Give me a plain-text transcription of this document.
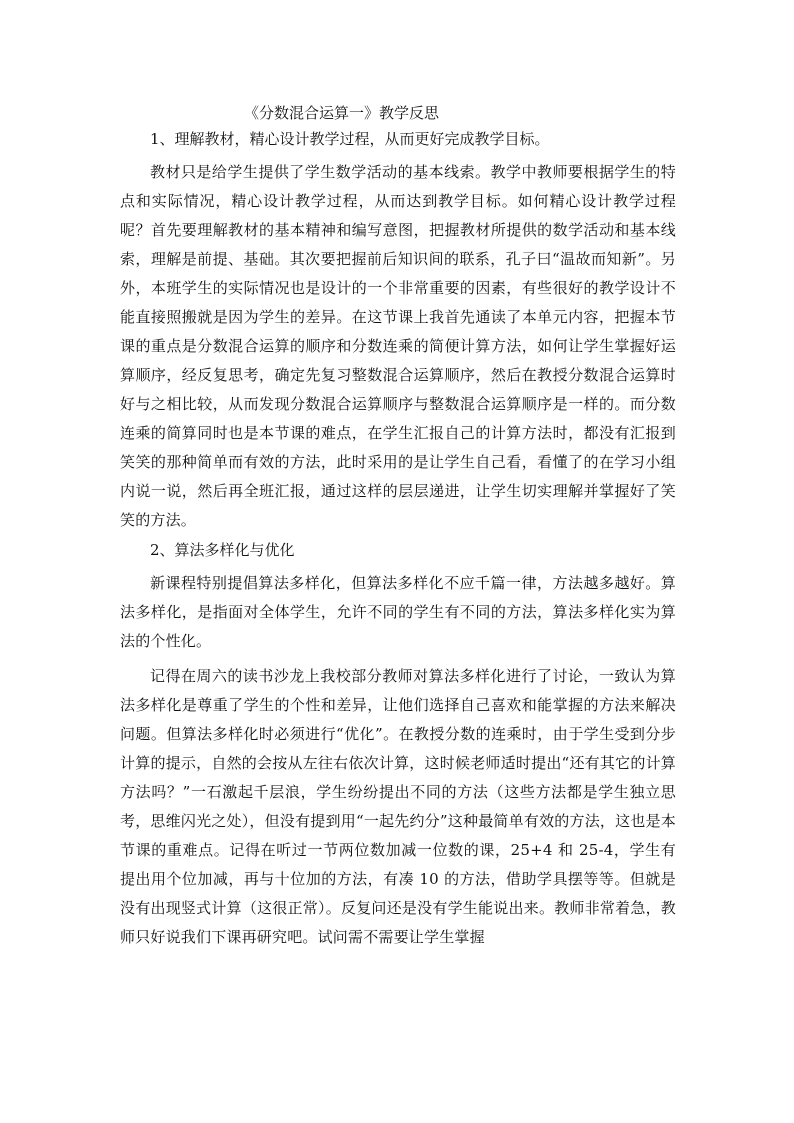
《分数混合运算一》教学反思

1、理解教材，精心设计教学过程，从而更好完成教学目标。

教材只是给学生提供了学生数学活动的基本线索。教学中教师要根据学生的特点和实际情况，精心设计教学过程，从而达到教学目标。如何精心设计教学过程呢？首先要理解教材的基本精神和编写意图，把握教材所提供的数学活动和基本线索，理解是前提、基础。其次要把握前后知识间的联系，孔子曰“温故而知新”。另外，本班学生的实际情况也是设计的一个非常重要的因素，有些很好的教学设计不能直接照搬就是因为学生的差异。在这节课上我首先通读了本单元内容，把握本节课的重点是分数混合运算的顺序和分数连乘的简便计算方法，如何让学生掌握好运算顺序，经反复思考，确定先复习整数混合运算顺序，然后在教授分数混合运算时好与之相比较，从而发现分数混合运算顺序与整数混合运算顺序是一样的。而分数连乘的简算同时也是本节课的难点，在学生汇报自己的计算方法时，都没有汇报到笑笑的那种简单而有效的方法，此时采用的是让学生自己看，看懂了的在学习小组内说一说，然后再全班汇报，通过这样的层层递进，让学生切实理解并掌握好了笑笑的方法。

2、算法多样化与优化

新课程特别提倡算法多样化，但算法多样化不应千篇一律，方法越多越好。算法多样化，是指面对全体学生，允许不同的学生有不同的方法，算法多样化实为算法的个性化。

记得在周六的读书沙龙上我校部分教师对算法多样化进行了讨论，一致认为算法多样化是尊重了学生的个性和差异，让他们选择自己喜欢和能掌握的方法来解决问题。但算法多样化时必须进行“优化”。在教授分数的连乘时，由于学生受到分步计算的提示，自然的会按从左往右依次计算，这时候老师适时提出“还有其它的计算方法吗？”一石激起千层浪，学生纷纷提出不同的方法（这些方法都是学生独立思考，思维闪光之处），但没有提到用“一起先约分”这种最简单有效的方法，这也是本节课的重难点。记得在听过一节两位数加减一位数的课，25+4 和 25-4，学生有提出用个位加减，再与十位加的方法，有凑 10 的方法，借助学具摆等等。但就是没有出现竖式计算（这很正常）。反复问还是没有学生能说出来。教师非常着急，教师只好说我们下课再研究吧。试问需不需要让学生掌握
